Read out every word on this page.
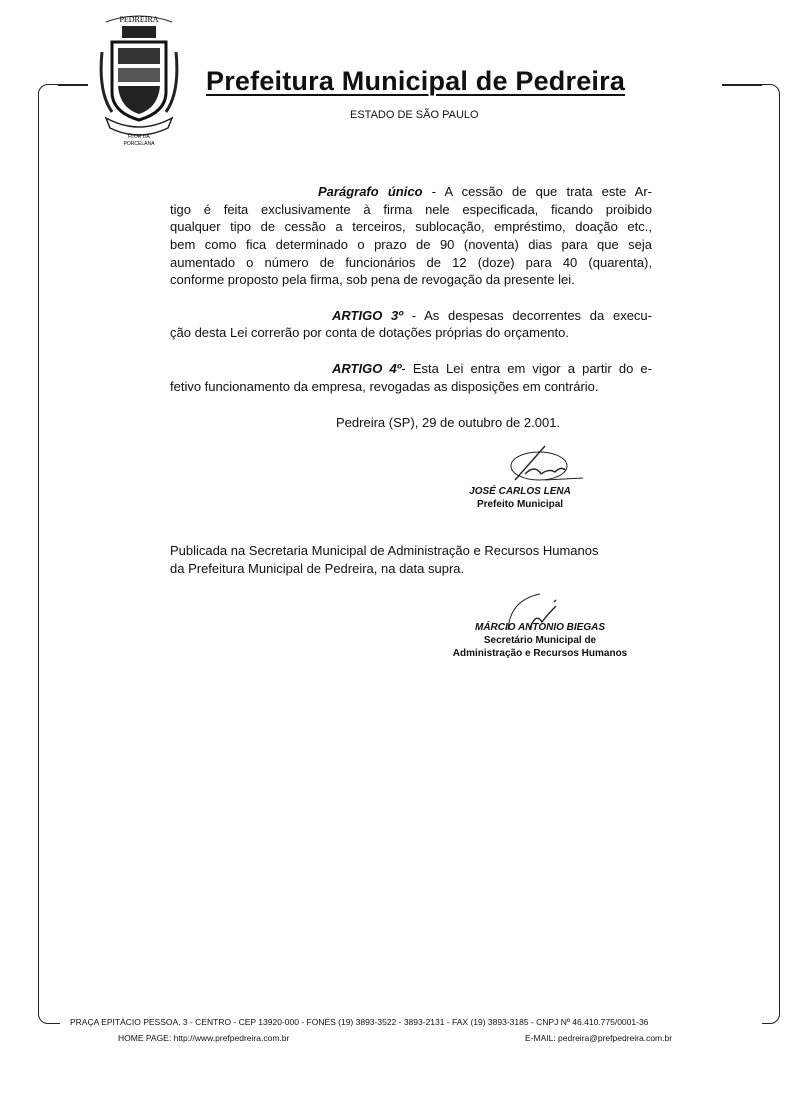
PEDREIRA
FLOR DA
PORCELANA
Prefeitura Municipal de Pedreira
ESTADO DE SÃO PAULO
Parágrafo único - A cessão de que trata este Ar-
tigo é feita exclusivamente à firma nele especificada, ficando proibido
qualquer tipo de cessão a terceiros, sublocação, empréstimo, doação etc.,
bem como fica determinado o prazo de 90 (noventa) dias para que seja
aumentado o número de funcionários de 12 (doze) para 40 (quarenta),
conforme proposto pela firma, sob pena de revogação da presente lei.
ARTIGO 3º - As despesas decorrentes da execu-
ção desta Lei correrão por conta de dotações próprias do orçamento.
ARTIGO 4º- Esta Lei entra em vigor a partir do e-
fetivo funcionamento da empresa, revogadas as disposições em contrário.
Pedreira (SP), 29 de outubro de 2.001.
JOSÉ CARLOS LENA
Prefeito Municipal
Publicada na Secretaria Municipal de Administração e Recursos Humanos
da Prefeitura Municipal de Pedreira, na data supra.
MÁRCIO ANTONIO BIEGAS
Secretário Municipal de
Administração e Recursos Humanos
PRAÇA EPITÁCIO PESSOA, 3 - CENTRO - CEP 13920-000 - FONES (19) 3893-3522 - 3893-2131 - FAX (19) 3893-3185 - CNPJ Nº 46.410.775/0001-36
HOME PAGE: http://www.prefpedreira.com.br	E-MAIL: pedreira@prefpedreira.com.br
